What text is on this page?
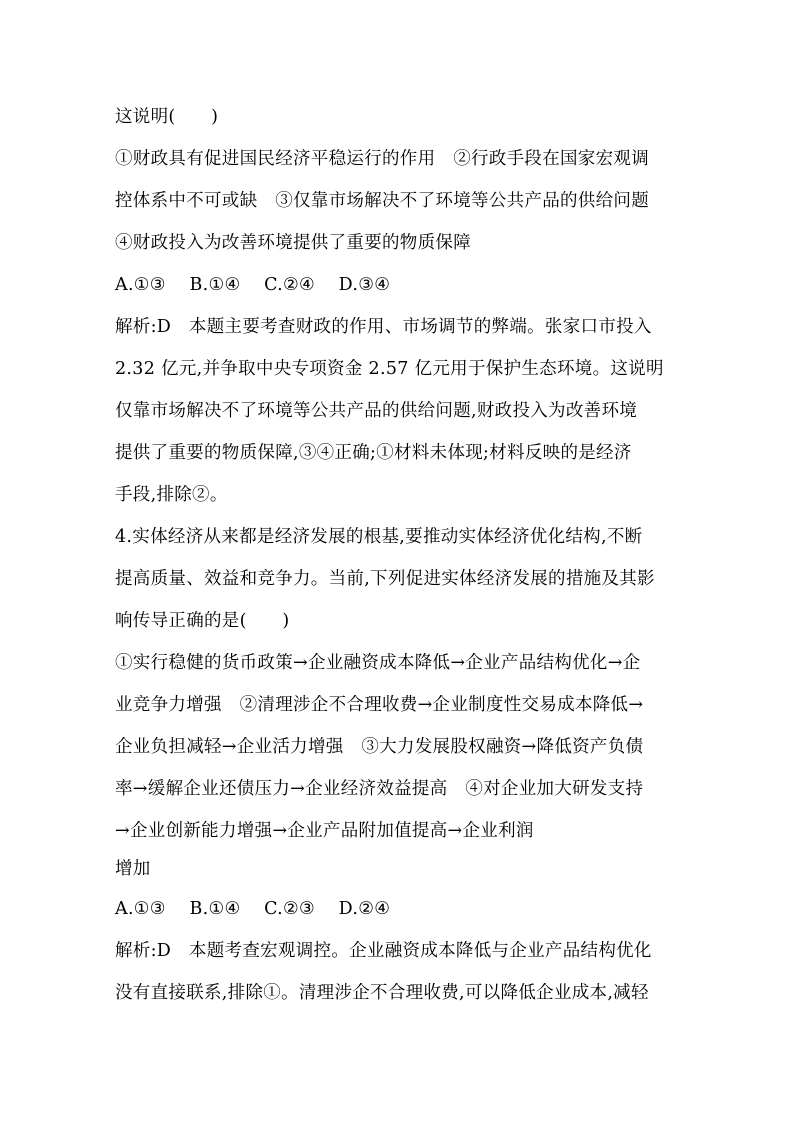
这说明(　　)
①财政具有促进国民经济平稳运行的作用　②行政手段在国家宏观调
控体系中不可或缺　③仅靠市场解决不了环境等公共产品的供给问题
④财政投入为改善环境提供了重要的物质保障
A.①③　 B.①④　 C.②④　 D.③④
解析:D　本题主要考查财政的作用、市场调节的弊端。张家口市投入
2.32 亿元,并争取中央专项资金 2.57 亿元用于保护生态环境。这说明
仅靠市场解决不了环境等公共产品的供给问题,财政投入为改善环境
提供了重要的物质保障,③④正确;①材料未体现;材料反映的是经济
手段,排除②。
4.实体经济从来都是经济发展的根基,要推动实体经济优化结构,不断
提高质量、效益和竞争力。当前,下列促进实体经济发展的措施及其影
响传导正确的是(　　)
①实行稳健的货币政策→企业融资成本降低→企业产品结构优化→企
业竞争力增强　②清理涉企不合理收费→企业制度性交易成本降低→
企业负担减轻→企业活力增强　③大力发展股权融资→降低资产负债
率→缓解企业还债压力→企业经济效益提高　④对企业加大研发支持
→企业创新能力增强→企业产品附加值提高→企业利润
增加
A.①③　 B.①④　 C.②③　 D.②④
解析:D　本题考查宏观调控。企业融资成本降低与企业产品结构优化
没有直接联系,排除①。清理涉企不合理收费,可以降低企业成本,减轻
